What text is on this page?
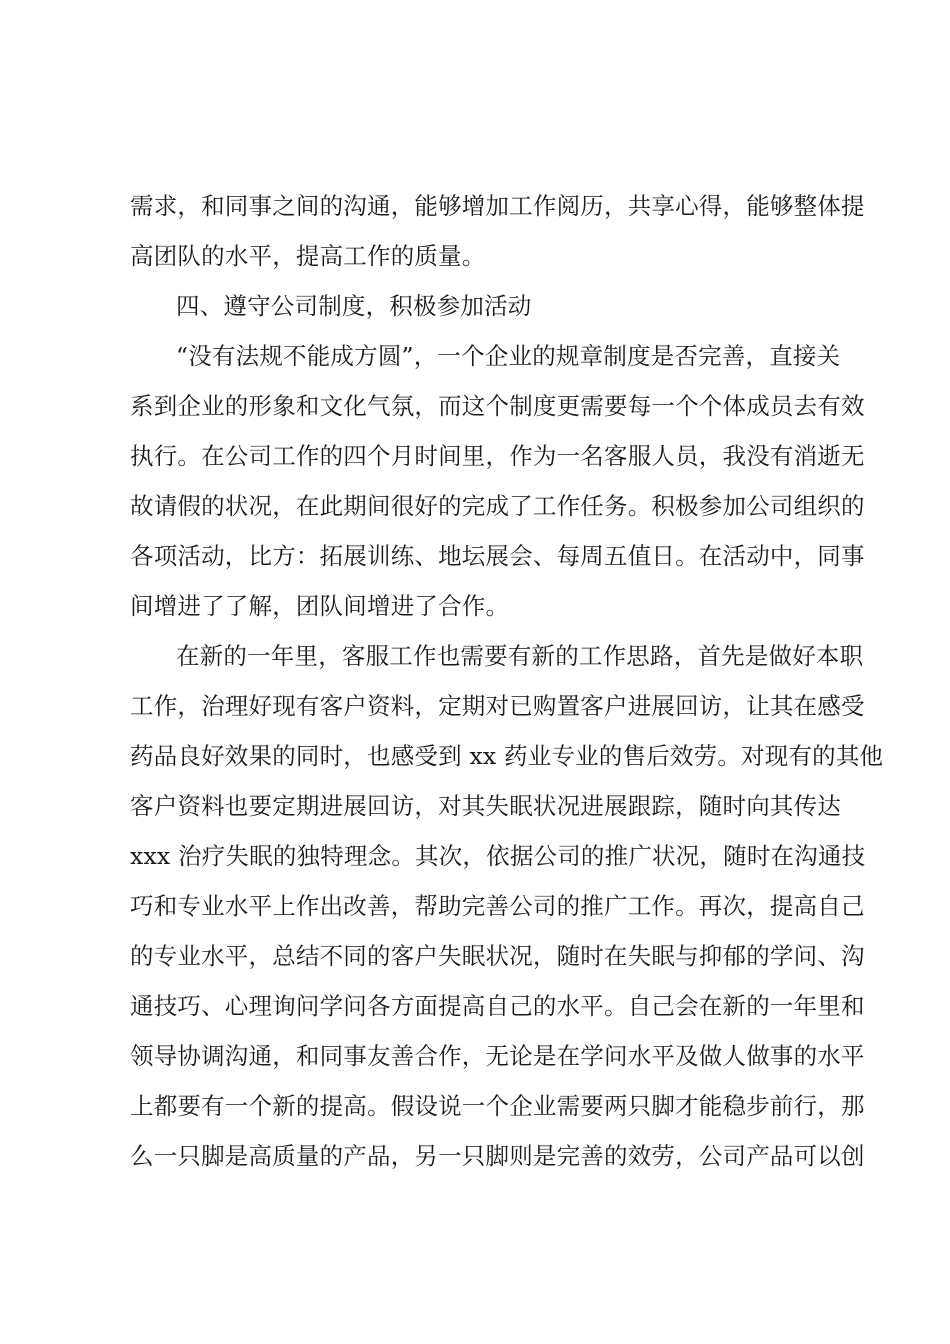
需求，和同事之间的沟通，能够增加工作阅历，共享心得，能够整体提
高团队的水平，提高工作的质量。
四、遵守公司制度，积极参加活动
“没有法规不能成方圆”，一个企业的规章制度是否完善，直接关
系到企业的形象和文化气氛，而这个制度更需要每一个个体成员去有效
执行。在公司工作的四个月时间里，作为一名客服人员，我没有消逝无
故请假的状况，在此期间很好的完成了工作任务。积极参加公司组织的
各项活动，比方：拓展训练、地坛展会、每周五值日。在活动中，同事
间增进了了解，团队间增进了合作。
在新的一年里，客服工作也需要有新的工作思路，首先是做好本职
工作，治理好现有客户资料，定期对已购置客户进展回访，让其在感受
药品良好效果的同时，也感受到 xx 药业专业的售后效劳。对现有的其他
客户资料也要定期进展回访，对其失眠状况进展跟踪，随时向其传达
xxx 治疗失眠的独特理念。其次，依据公司的推广状况，随时在沟通技
巧和专业水平上作出改善，帮助完善公司的推广工作。再次，提高自己
的专业水平，总结不同的客户失眠状况，随时在失眠与抑郁的学问、沟
通技巧、心理询问学问各方面提高自己的水平。自己会在新的一年里和
领导协调沟通，和同事友善合作，无论是在学问水平及做人做事的水平
上都要有一个新的提高。假设说一个企业需要两只脚才能稳步前行，那
么一只脚是高质量的产品，另一只脚则是完善的效劳，公司产品可以创
